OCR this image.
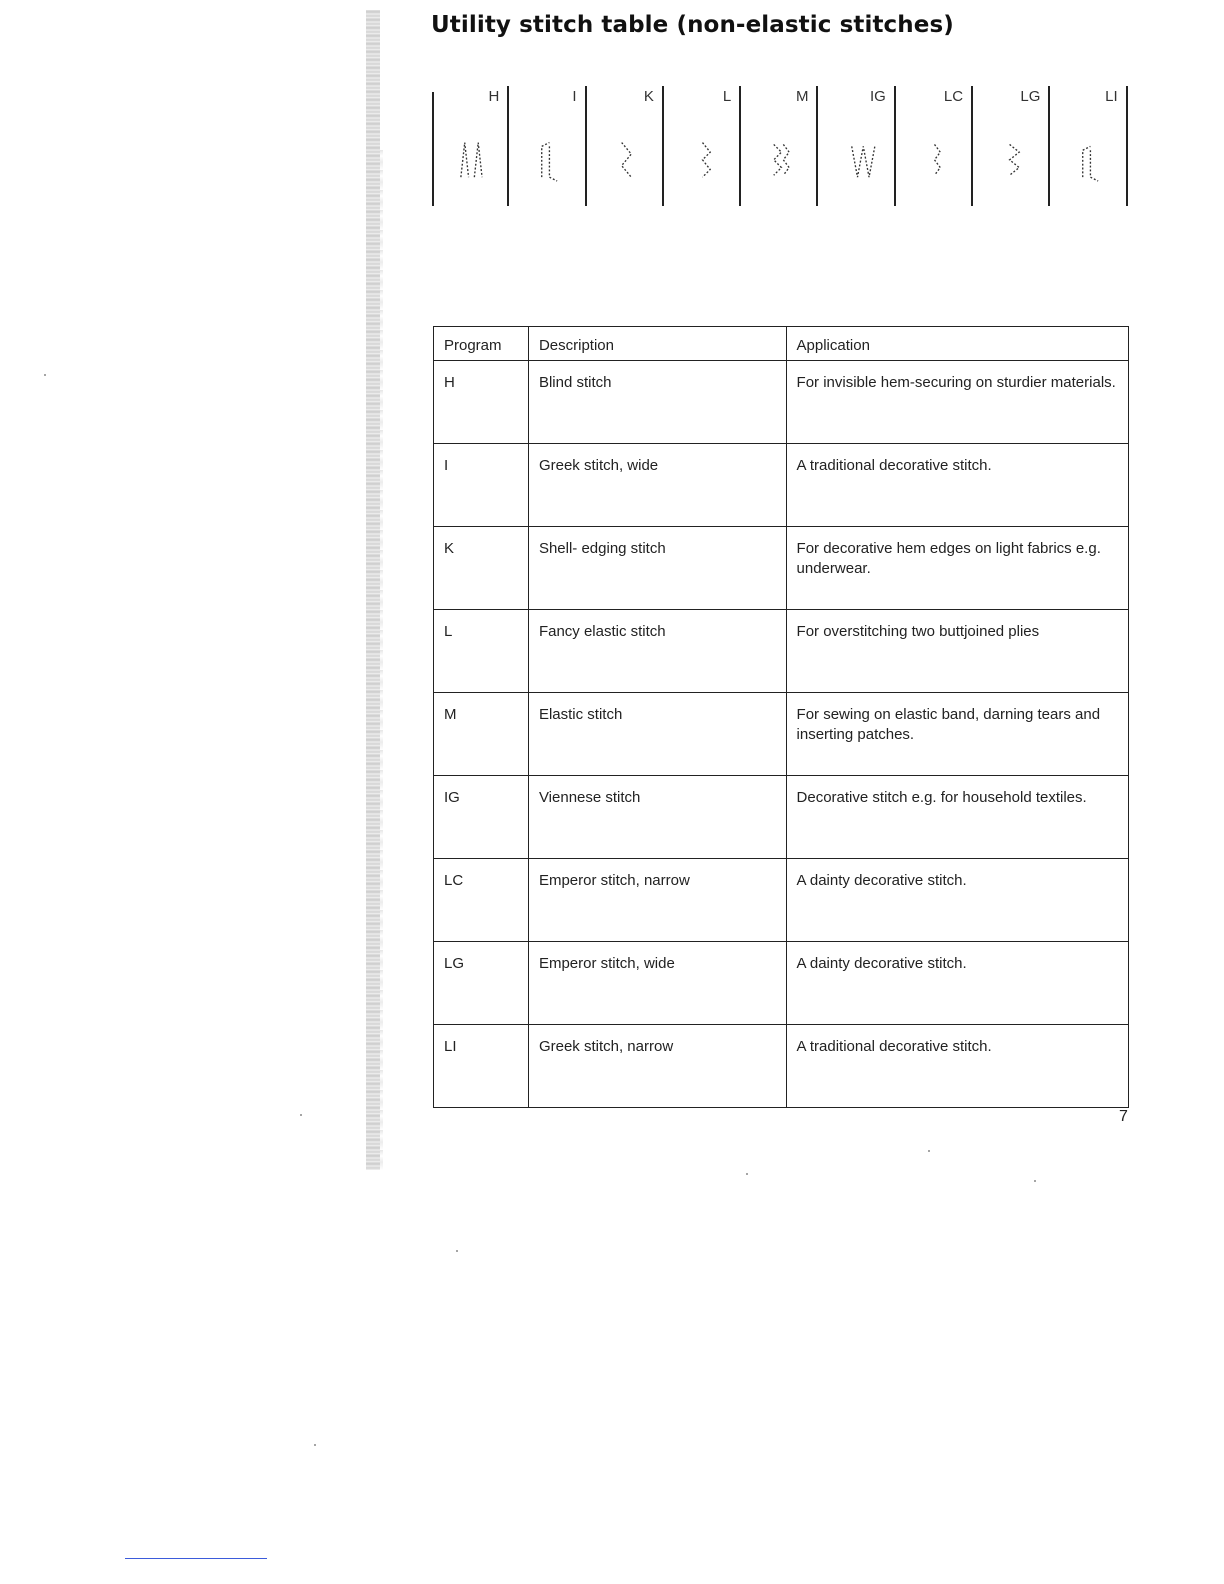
Utility stitch table (non-elastic stitches)
H	I	K	L	M	IG	LC	LG	LI
Program	Description	Application
H	Blind stitch	For invisible hem-securing on sturdier materials.
I	Greek stitch, wide	A traditional decorative stitch.
K	Shell- edging stitch	For decorative hem edges on light fabrics e.g. underwear.
L	Fancy elastic stitch	For overstitching two buttjoined plies
M	Elastic stitch	For sewing on elastic band, darning tears and inserting patches.
IG	Viennese stitch	Decorative stitch e.g. for household textiles.
LC	Emperor stitch, narrow	A dainty decorative stitch.
LG	Emperor stitch, wide	A dainty decorative stitch.
LI	Greek stitch, narrow	A traditional decorative stitch.
7
